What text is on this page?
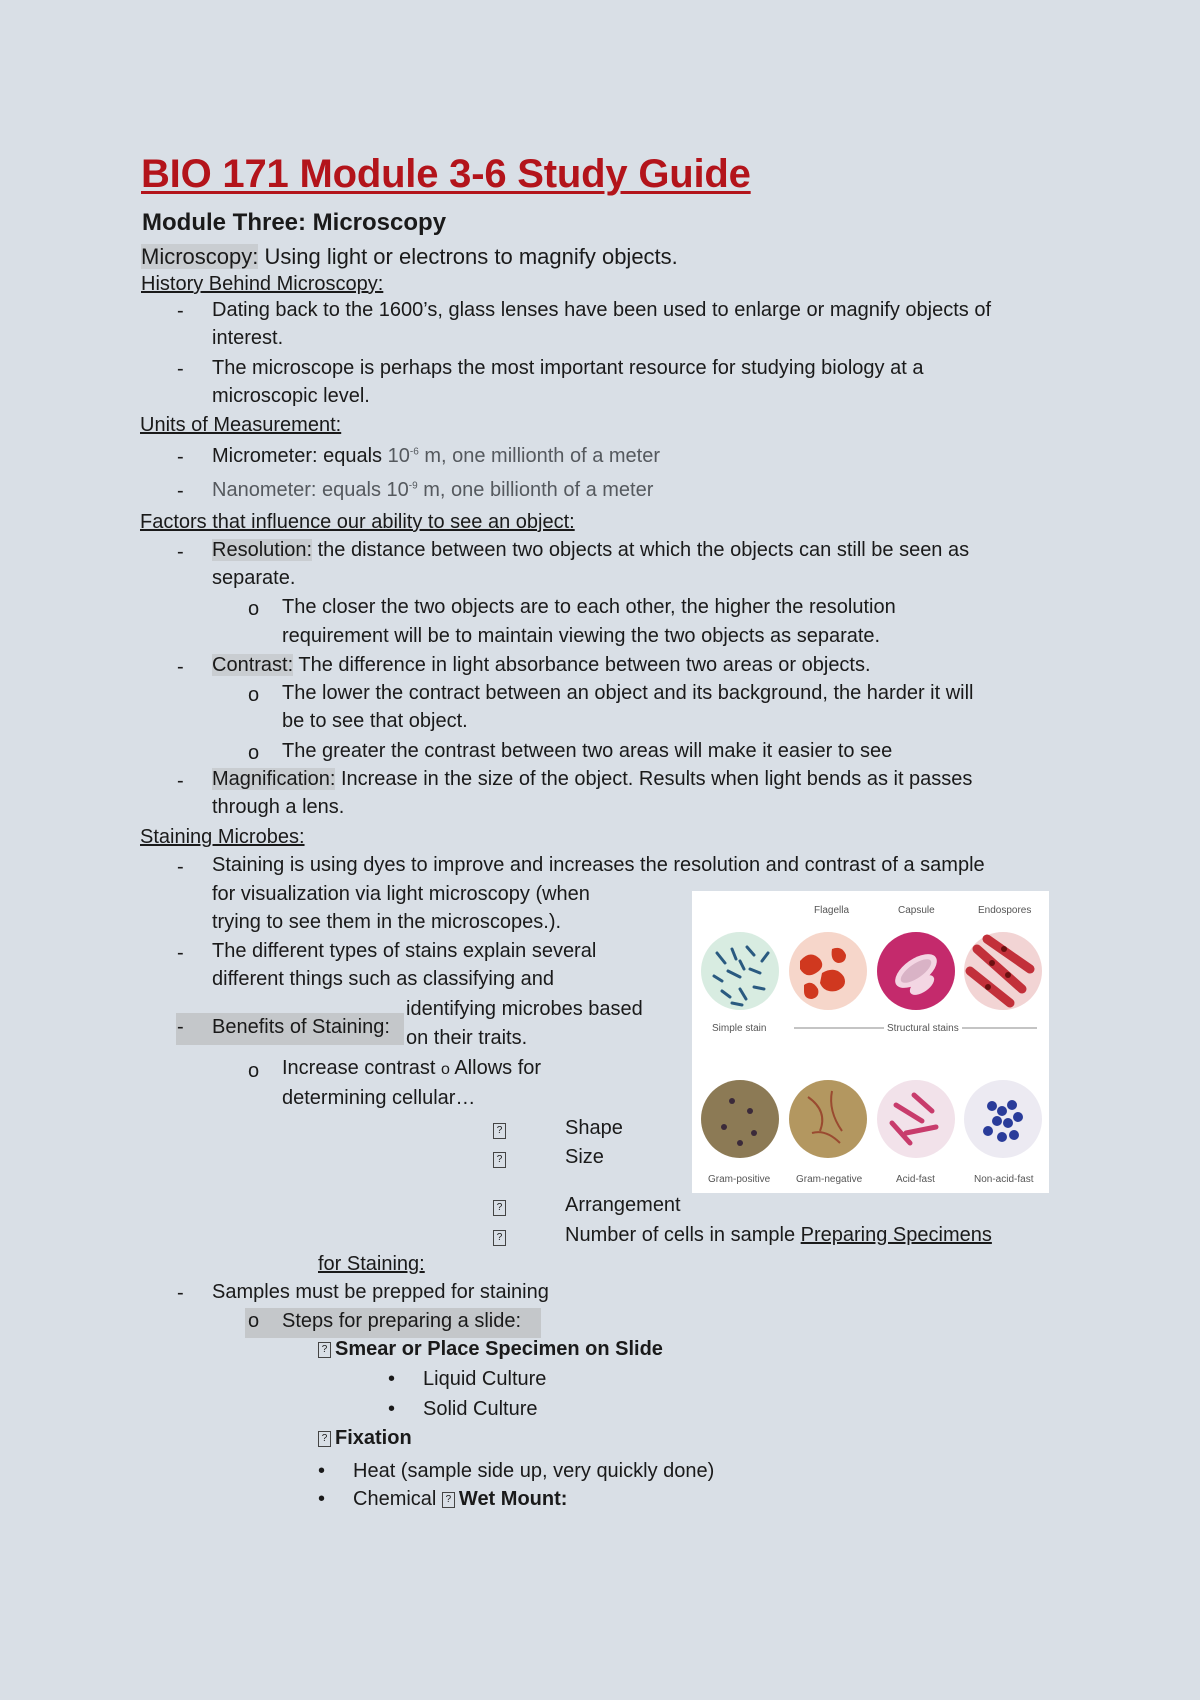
BIO 171 Module 3-6 Study Guide
Module Three: Microscopy
Microscopy: Using light or electrons to magnify objects.
History Behind Microscopy:
- Dating back to the 1600’s, glass lenses have been used to enlarge or magnify objects of
interest.
- The microscope is perhaps the most important resource for studying biology at a
microscopic level.
Units of Measurement:
- Micrometer: equals $10^{-6}$ m, one millionth of a meter
- Nanometer: equals $10^{-9}$ m, one billionth of a meter
Factors that influence our ability to see an object:
- Resolution: the distance between two objects at which the objects can still be seen as
separate.
o The closer the two objects are to each other, the higher the resolution
requirement will be to maintain viewing the two objects as separate.
- Contrast: The difference in light absorbance between two areas or objects.
o The lower the contract between an object and its background, the harder it will
be to see that object.
o The greater the contrast between two areas will make it easier to see
- Magnification: Increase in the size of the object. Results when light bends as it passes
through a lens.
Staining Microbes:
- Staining is using dyes to improve and increases the resolution and contrast of a sample
for visualization via light microscopy (when
trying to see them in the microscopes.).
- The different types of stains explain several
different things such as classifying and
identifying microbes based
on their traits.
- Benefits of Staining:
o Increase contrast o Allows for
determining cellular…
?	Shape
?	Size
?	Arrangement
?	Number of cells in sample Preparing Specimens
for Staining:
Flagella	Capsule	Endospores
Simple stain	Structural stains
Gram-positive	Gram-negative	Acid-fast	Non-acid-fast
- Samples must be prepped for staining
o Steps for preparing a slide:
? Smear or Place Specimen on Slide
• Liquid Culture
• Solid Culture
? Fixation
• Heat (sample side up, very quickly done)
• Chemical ? Wet Mount:
